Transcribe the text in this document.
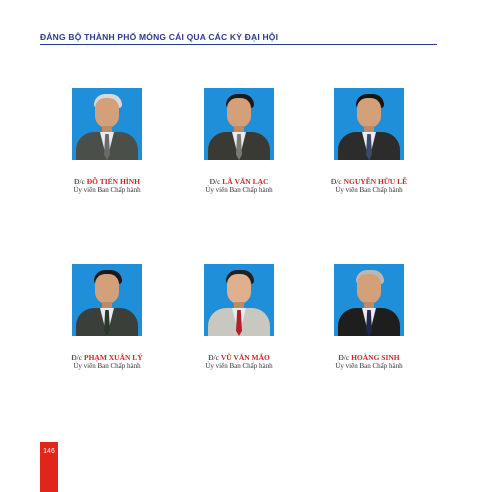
ĐẢNG BỘ THÀNH PHỐ MÓNG CÁI QUA CÁC KỲ ĐẠI HỘI
Đ/c ĐỖ TIẾN HÌNH
Ủy viên Ban Chấp hành
Đ/c LÃ VĂN LẠC
Ủy viên Ban Chấp hành
Đ/c NGUYỄN HỮU LỄ
Ủy viên Ban Chấp hành
Đ/c PHẠM XUÂN LÝ
Ủy viên Ban Chấp hành
Đ/c VŨ VĂN MÃO
Ủy viên Ban Chấp hành
Đ/c HOÀNG SINH
Ủy viên Ban Chấp hành
146
